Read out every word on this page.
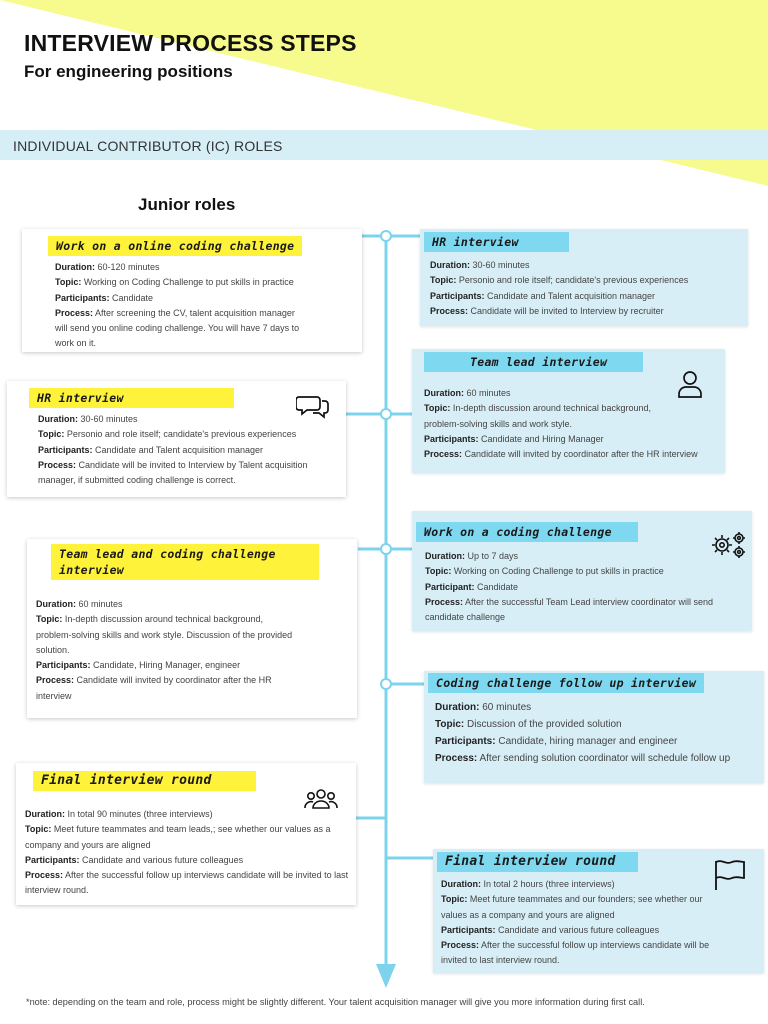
INTERVIEW PROCESS STEPS
For engineering positions
INDIVIDUAL CONTRIBUTOR (IC) ROLES
Junior roles
Work on a online coding challenge
Duration: 60-120 minutes
Topic: Working on Coding Challenge to put skills in practice
Participants: Candidate
Process: After screening the CV, talent acquisition manager
will send you online coding challenge. You will have 7 days to
work on it.
HR interview
Duration: 30-60 minutes
Topic: Personio and role itself; candidate's previous experiences
Participants: Candidate and Talent acquisition manager
Process: Candidate will be invited to Interview by Talent acquisition
manager, if submitted coding challenge is correct.
Team lead and coding challenge
interview
Duration: 60 minutes
Topic: In-depth discussion around technical background,
problem-solving skills and work style. Discussion of the provided
solution.
Participants: Candidate, Hiring Manager, engineer
Process: Candidate will invited by coordinator after the HR
interview
Final interview round
Duration: In total 90 minutes (three interviews)
Topic: Meet future teammates and team leads,; see whether our values as a
company and yours are aligned
Participants: Candidate and various future colleagues
Process: After the successful follow up interviews candidate will be invited to last
interview round.
HR interview
Duration: 30-60 minutes
Topic: Personio and role itself; candidate's previous experiences
Participants: Candidate and Talent acquisition manager
Process: Candidate will be invited to Interview by recruiter
Team lead interview
Duration: 60 minutes
Topic: In-depth discussion around technical background,
problem-solving skills and work style.
Participants: Candidate and Hiring Manager
Process: Candidate will invited by coordinator after the HR interview
Work on a coding challenge
Duration: Up to 7 days
Topic: Working on Coding Challenge to put skills in practice
Participant: Candidate
Process: After the successful Team Lead interview coordinator will send
candidate challenge
Coding challenge follow up interview
Duration: 60 minutes
Topic: Discussion of the provided solution
Participants: Candidate, hiring manager and engineer
Process: After sending solution coordinator will schedule follow up
Final interview round
Duration: In total 2 hours (three interviews)
Topic: Meet future teammates and our founders; see whether our
values as a company and yours are aligned
Participants: Candidate and various future colleagues
Process: After the successful follow up interviews candidate will be
invited to last interview round.
*note: depending on the team and role, process might be slightly different. Your talent acquisition manager will give you more information during first call.
